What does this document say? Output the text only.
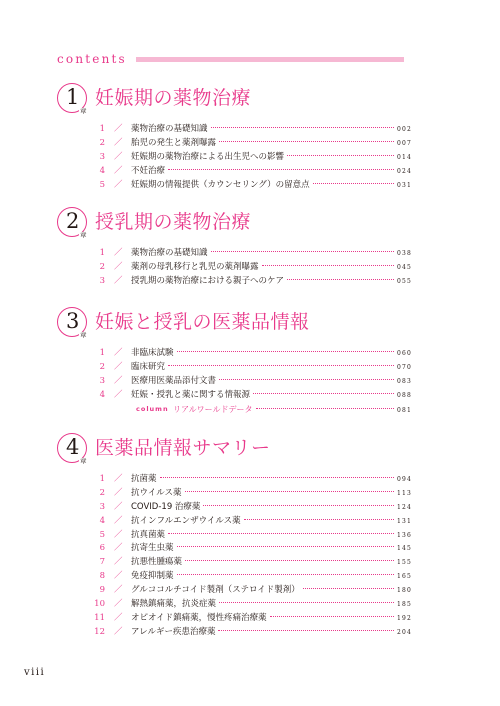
contents
1
章
妊娠期の薬物治療
1 ／ 薬物治療の基礎知識	002
2 ／ 胎児の発生と薬剤曝露	007
3 ／ 妊娠期の薬物治療による出生児への影響	014
4 ／ 不妊治療	024
5 ／ 妊娠期の情報提供（カウンセリング）の留意点	031
2
章
授乳期の薬物治療
1 ／ 薬物治療の基礎知識	038
2 ／ 薬剤の母乳移行と乳児の薬剤曝露	045
3 ／ 授乳期の薬物治療における親子へのケア	055
3
章
妊娠と授乳の医薬品情報
1 ／ 非臨床試験	060
2 ／ 臨床研究	070
3 ／ 医療用医薬品添付文書	083
4 ／ 妊娠・授乳と薬に関する情報源	088
column リアルワールドデータ	081
4
章
医薬品情報サマリー
1 ／ 抗菌薬	094
2 ／ 抗ウイルス薬	113
3 ／ COVID-19 治療薬	124
4 ／ 抗インフルエンザウイルス薬	131
5 ／ 抗真菌薬	136
6 ／ 抗寄生虫薬	145
7 ／ 抗悪性腫瘍薬	155
8 ／ 免疫抑制薬	165
9 ／ グルココルチコイド製剤（ステロイド製剤）	180
10 ／ 解熱鎮痛薬，抗炎症薬	185
11 ／ オピオイド鎮痛薬，慢性疼痛治療薬	192
12 ／ アレルギー疾患治療薬	204
viii
